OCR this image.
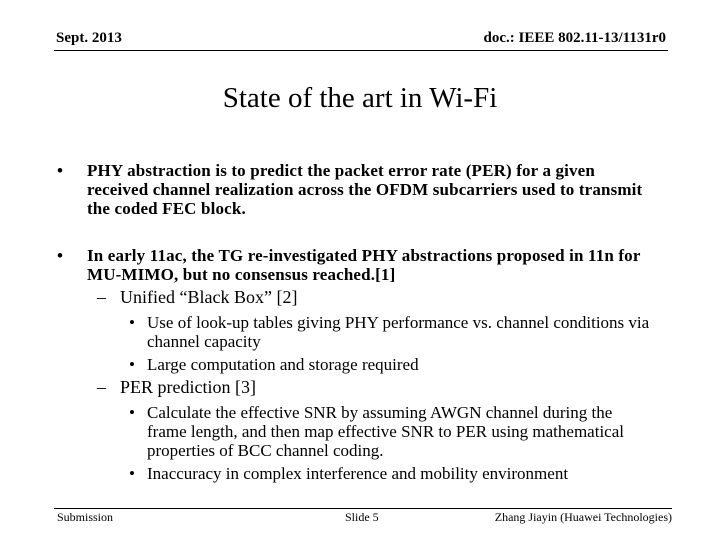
Sept. 2013	doc.: IEEE 802.11-13/1131r0
State of the art in Wi-Fi
• PHY abstraction is to predict the packet error rate (PER) for a given received channel realization across the OFDM subcarriers used to transmit the coded FEC block.
• In early 11ac, the TG re-investigated PHY abstractions proposed in 11n for MU-MIMO, but no consensus reached.[1]
– Unified “Black Box” [2]
• Use of look-up tables giving PHY performance vs. channel conditions via channel capacity
• Large computation and storage required
– PER prediction [3]
• Calculate the effective SNR by assuming AWGN channel during the frame length, and then map effective SNR to PER using mathematical properties of BCC channel coding.
• Inaccuracy in complex interference and mobility environment
Submission	Slide 5	Zhang Jiayin (Huawei Technologies)
